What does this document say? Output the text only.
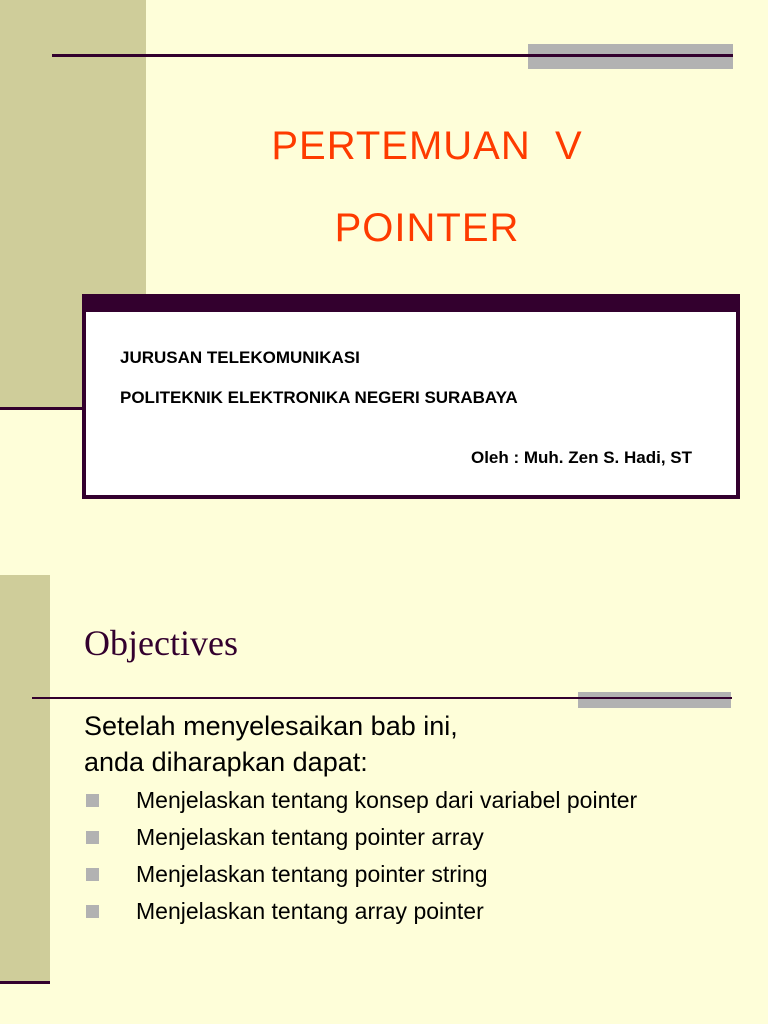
PERTEMUAN  V
POINTER
JURUSAN TELEKOMUNIKASI
POLITEKNIK ELEKTRONIKA NEGERI SURABAYA
Oleh : Muh. Zen S. Hadi, ST
Objectives
Setelah menyelesaikan bab ini,
anda diharapkan dapat:
Menjelaskan tentang konsep dari variabel pointer
Menjelaskan tentang pointer array
Menjelaskan tentang pointer string
Menjelaskan tentang array pointer
